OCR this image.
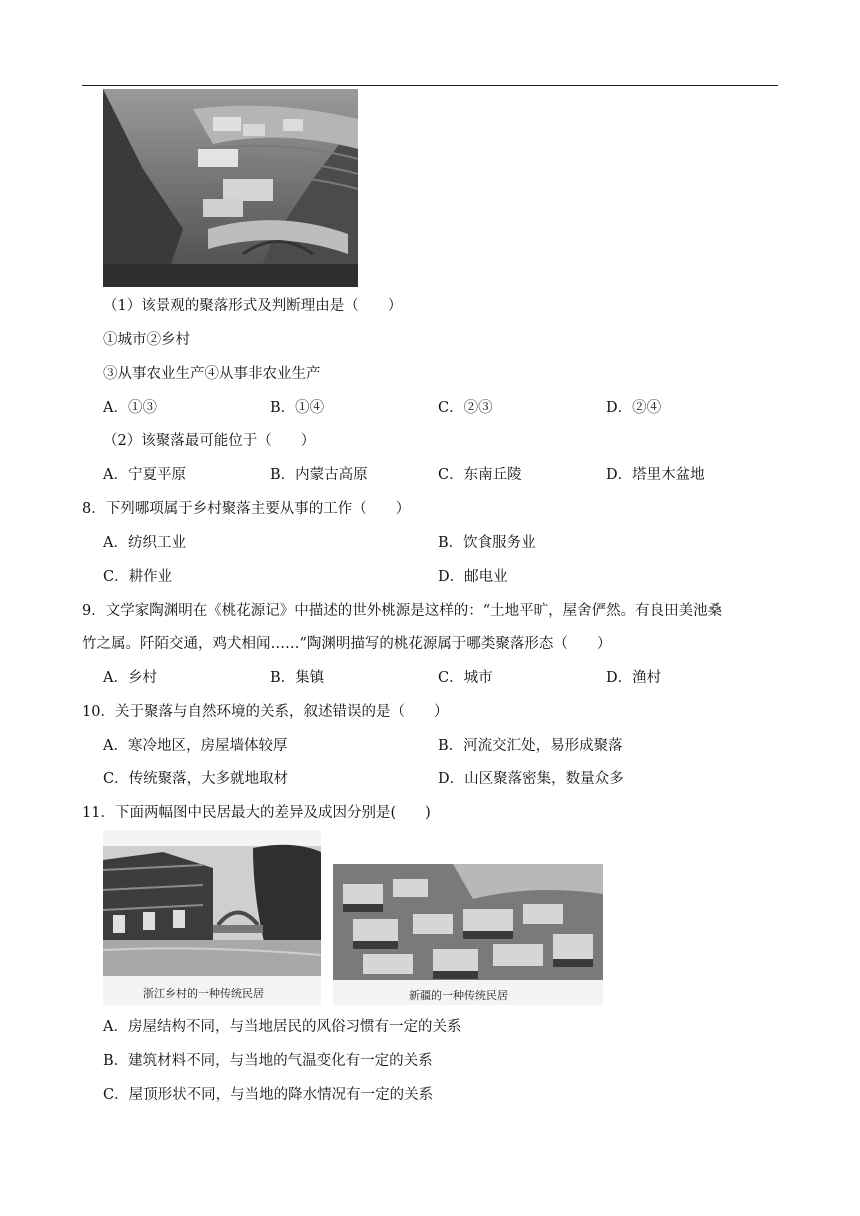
（1）该景观的聚落形式及判断理由是（　　）
①城市②乡村
③从事农业生产④从事非农业生产
A．①③	B．①④	C．②③	D．②④
（2）该聚落最可能位于（　　）
A．宁夏平原	B．内蒙古高原	C．东南丘陵	D．塔里木盆地
8．下列哪项属于乡村聚落主要从事的工作（　　）
A．纺织工业	B．饮食服务业
C．耕作业	D．邮电业
9．文学家陶渊明在《桃花源记》中描述的世外桃源是这样的：“土地平旷，屋舍俨然。有良田美池桑
竹之属。阡陌交通，鸡犬相闻……”陶渊明描写的桃花源属于哪类聚落形态（　　）
A．乡村	B．集镇	C．城市	D．渔村
10．关于聚落与自然环境的关系，叙述错误的是（　　）
A．寒冷地区，房屋墙体较厚	B．河流交汇处，易形成聚落
C．传统聚落，大多就地取材	D．山区聚落密集，数量众多
11．下面两幅图中民居最大的差异及成因分别是(　　)
浙江乡村的一种传统民居	新疆的一种传统民居
A．房屋结构不同，与当地居民的风俗习惯有一定的关系
B．建筑材料不同，与当地的气温变化有一定的关系
C．屋顶形状不同，与当地的降水情况有一定的关系
